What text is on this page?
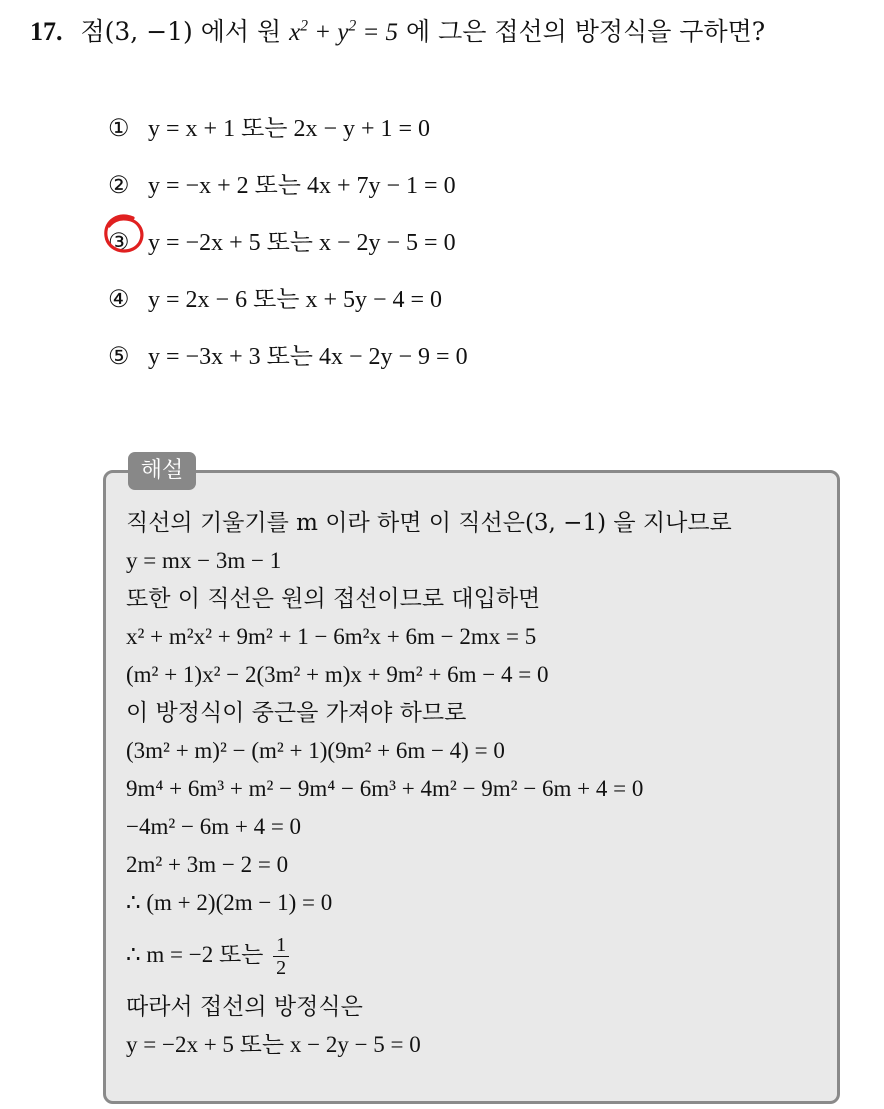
17. 점(3, −1) 에서 원 $x^2 + y^2 = 5$ 에 그은 접선의 방정식을 구하면?
① y = x + 1 또는 2x − y + 1 = 0
② y = −x + 2 또는 4x + 7y − 1 = 0
③ y = −2x + 5 또는 x − 2y − 5 = 0
④ y = 2x − 6 또는 x + 5y − 4 = 0
⑤ y = −3x + 3 또는 4x − 2y − 9 = 0
해설
직선의 기울기를 m 이라 하면 이 직선은(3, −1) 을 지나므로
y = mx − 3m − 1
또한 이 직선은 원의 접선이므로 대입하면
x² + m²x² + 9m² + 1 − 6m²x + 6m − 2mx = 5
(m² + 1)x² − 2(3m² + m)x + 9m² + 6m − 4 = 0
이 방정식이 중근을 가져야 하므로
(3m² + m)² − (m² + 1)(9m² + 6m − 4) = 0
9m⁴ + 6m³ + m² − 9m⁴ − 6m³ + 4m² − 9m² − 6m + 4 = 0
−4m² − 6m + 4 = 0
2m² + 3m − 2 = 0
∴ (m + 2)(2m − 1) = 0
∴ m = −2 또는 $\frac{1}{2}$
따라서 접선의 방정식은
y = −2x + 5 또는 x − 2y − 5 = 0
